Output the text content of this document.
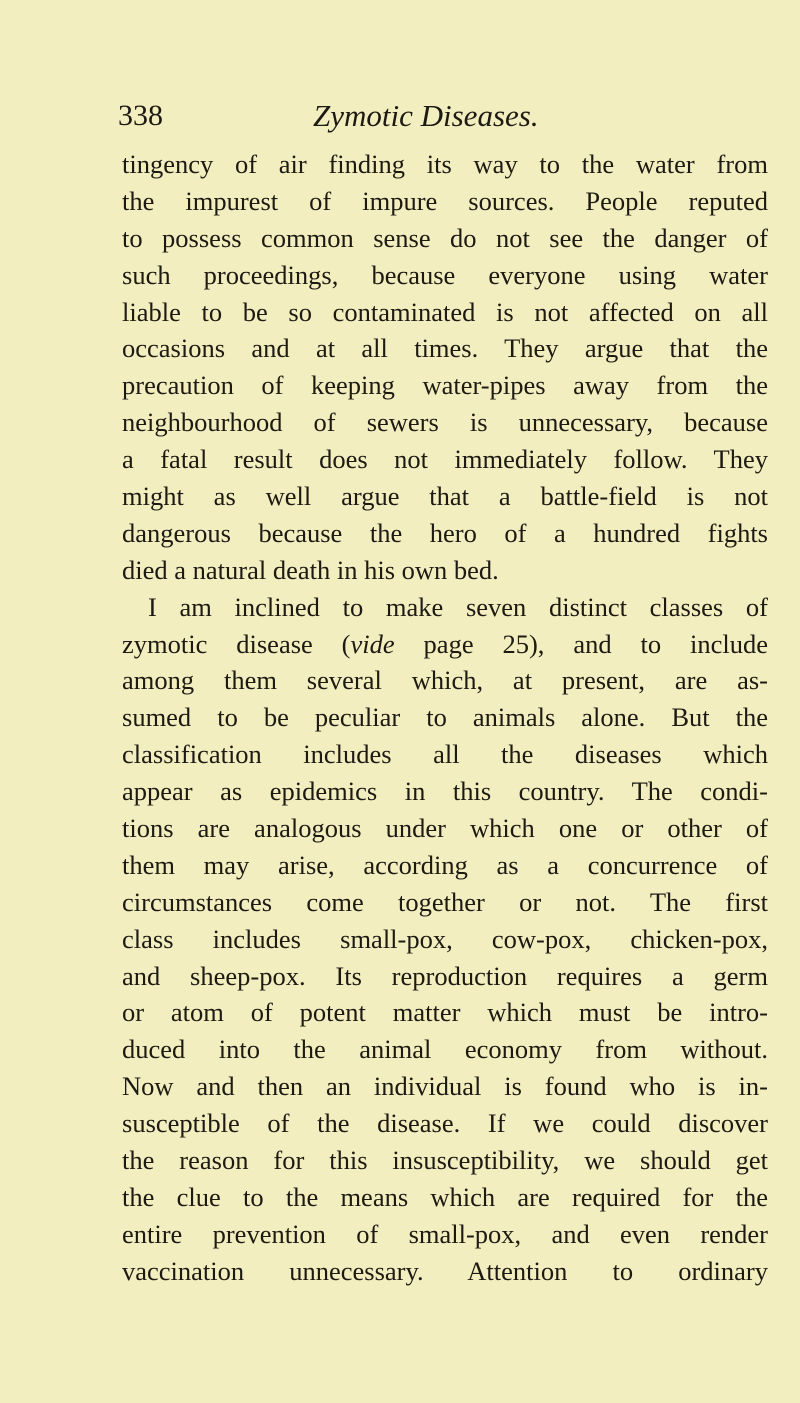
338	Zymotic Diseases.
tingency of air finding its way to the water from
the impurest of impure sources. People reputed
to possess common sense do not see the danger of
such proceedings, because everyone using water
liable to be so contaminated is not affected on all
occasions and at all times. They argue that the
precaution of keeping water-pipes away from the
neighbourhood of sewers is unnecessary, because
a fatal result does not immediately follow. They
might as well argue that a battle-field is not
dangerous because the hero of a hundred fights
died a natural death in his own bed.
I am inclined to make seven distinct classes of
zymotic disease (vide page 25), and to include
among them several which, at present, are as-
sumed to be peculiar to animals alone. But the
classification includes all the diseases which
appear as epidemics in this country. The condi-
tions are analogous under which one or other of
them may arise, according as a concurrence of
circumstances come together or not. The first
class includes small-pox, cow-pox, chicken-pox,
and sheep-pox. Its reproduction requires a germ
or atom of potent matter which must be intro-
duced into the animal economy from without.
Now and then an individual is found who is in-
susceptible of the disease. If we could discover
the reason for this insusceptibility, we should get
the clue to the means which are required for the
entire prevention of small-pox, and even render
vaccination unnecessary. Attention to ordinary
